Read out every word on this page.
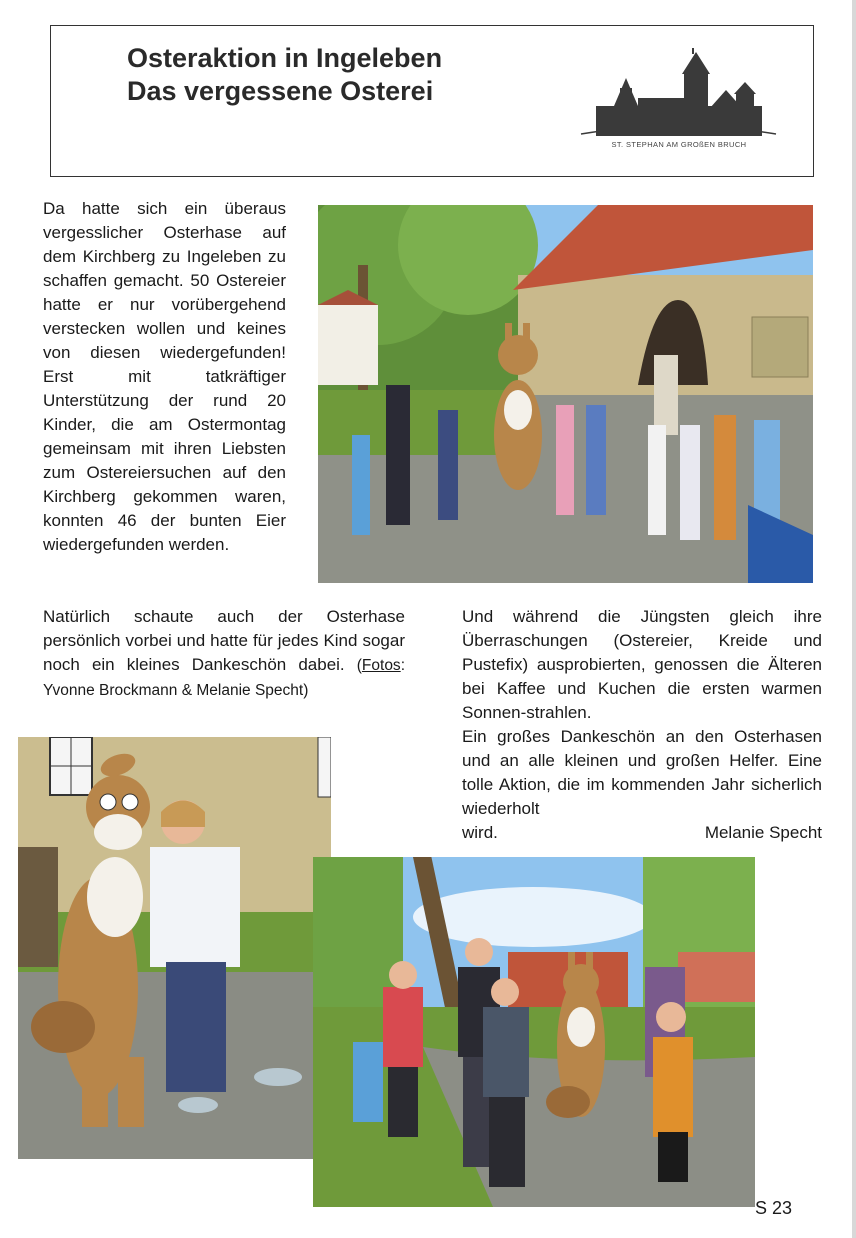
Osteraktion in Ingeleben
Das vergessene Osterei
ST. STEPHAN AM GROßEN BRUCH
Da hatte sich ein überaus vergesslicher Osterhase auf dem Kirchberg zu Ingeleben zu schaffen gemacht. 50 Ostereier hatte er nur vorübergehend verstecken wollen und keines von diesen wiedergefunden! Erst mit tatkräftiger Unterstützung der rund 20 Kinder, die am Ostermontag gemeinsam mit ihren Liebsten zum Ostereiersuchen auf den Kirchberg gekommen waren, konnten 46 der bunten Eier wiedergefunden werden.
Natürlich schaute auch der Osterhase persönlich vorbei und hatte für jedes Kind sogar noch ein kleines Dankeschön dabei. (Fotos: Yvonne Brockmann & Melanie Specht)
Und während die Jüngsten gleich ihre Überraschungen (Ostereier, Kreide und Pustefix) ausprobierten, genossen die Älteren bei Kaffee und Kuchen die ersten warmen Sonnen-strahlen.
Ein großes Dankeschön an den Osterhasen und an alle kleinen und großen Helfer. Eine tolle Aktion, die im kommenden Jahr sicherlich wiederholt
wird.	Melanie Specht
S 23
